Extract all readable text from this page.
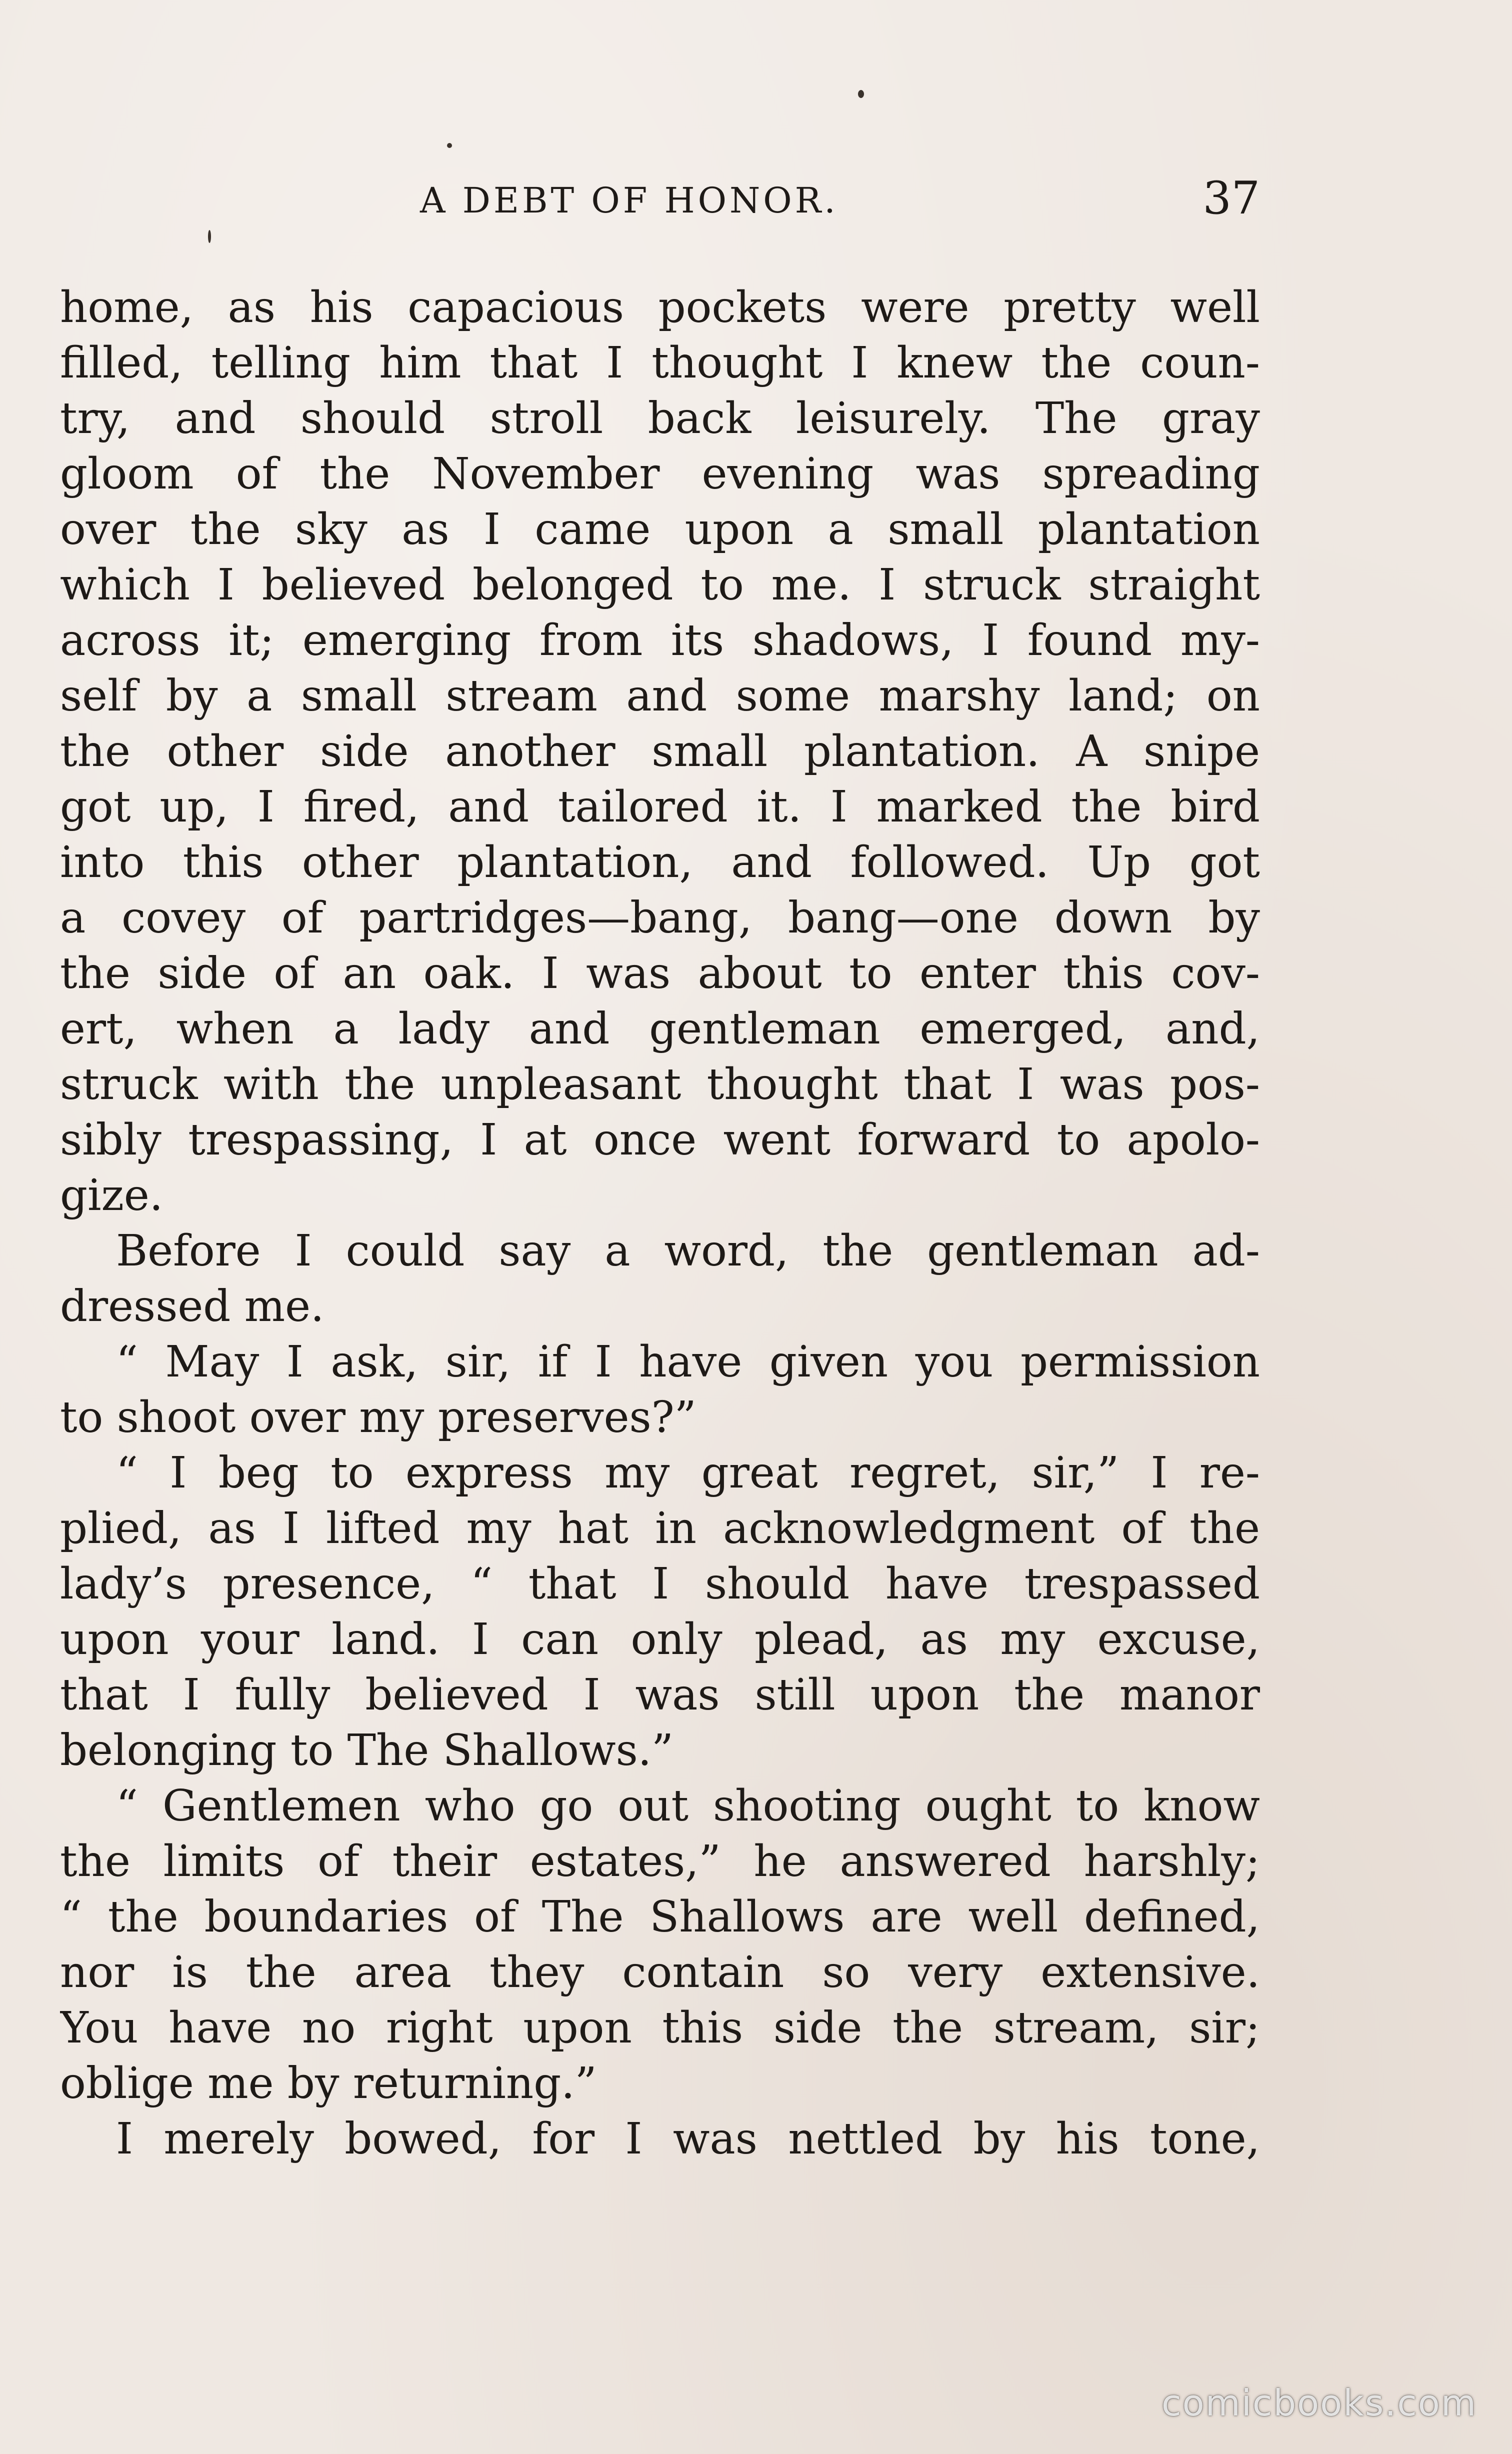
A DEBT OF HONOR.	37
home, as his capacious pockets were pretty well
filled, telling him that I thought I knew the coun-
try, and should stroll back leisurely. The gray
gloom of the November evening was spreading
over the sky as I came upon a small plantation
which I believed belonged to me. I struck straight
across it; emerging from its shadows, I found my-
self by a small stream and some marshy land; on
the other side another small plantation. A snipe
got up, I fired, and tailored it. I marked the bird
into this other plantation, and followed. Up got
a covey of partridges—bang, bang—one down by
the side of an oak. I was about to enter this cov-
ert, when a lady and gentleman emerged, and,
struck with the unpleasant thought that I was pos-
sibly trespassing, I at once went forward to apolo-
gize.
Before I could say a word, the gentleman ad-
dressed me.
“ May I ask, sir, if I have given you permission
to shoot over my preserves?”
“ I beg to express my great regret, sir,” I re-
plied, as I lifted my hat in acknowledgment of the
lady’s presence, “ that I should have trespassed
upon your land. I can only plead, as my excuse,
that I fully believed I was still upon the manor
belonging to The Shallows.”
“ Gentlemen who go out shooting ought to know
the limits of their estates,” he answered harshly;
“ the boundaries of The Shallows are well defined,
nor is the area they contain so very extensive.
You have no right upon this side the stream, sir;
oblige me by returning.”
I merely bowed, for I was nettled by his tone,
comicbooks.com
